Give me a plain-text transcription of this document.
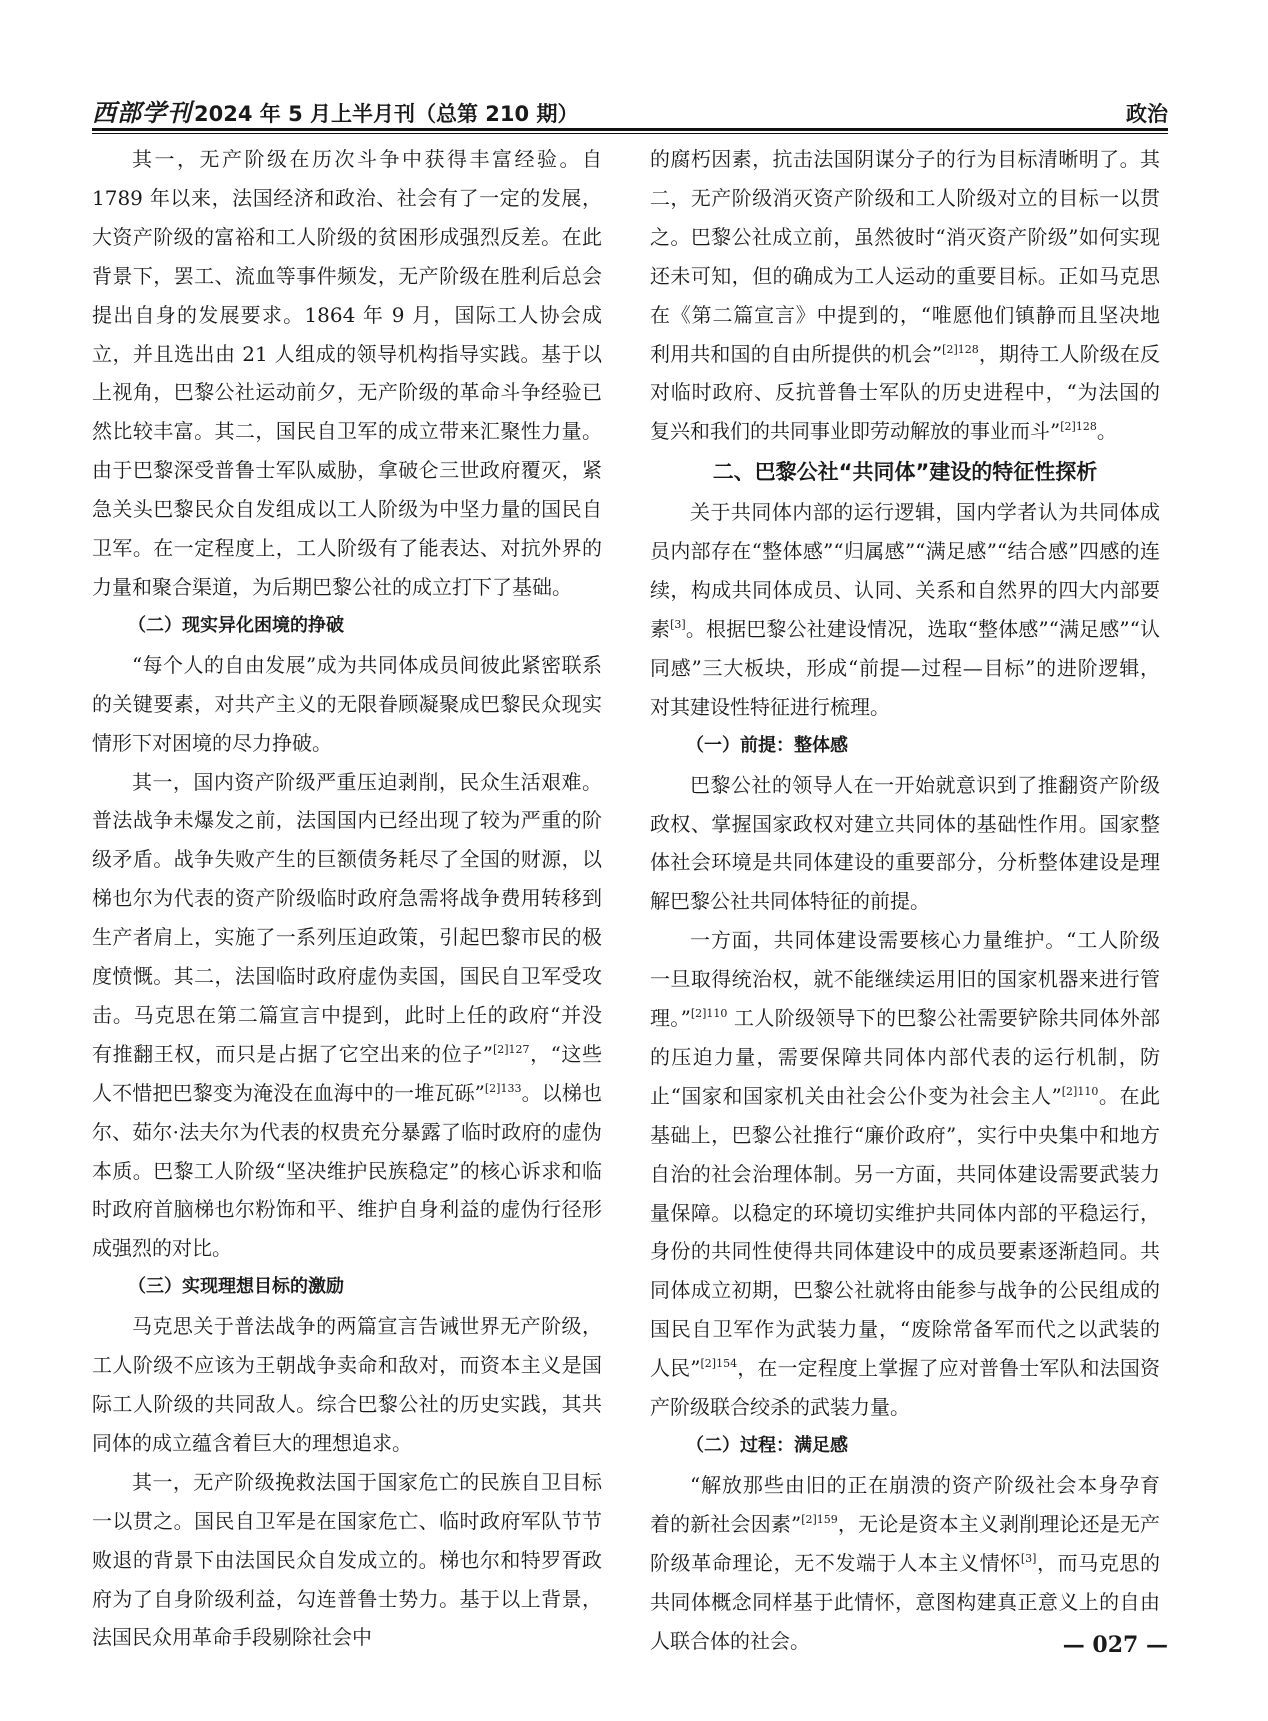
西部学刊 2024 年 5 月上半月刊（总第 210 期）	政治

其一，无产阶级在历次斗争中获得丰富经验。自 1789 年以来，法国经济和政治、社会有了一定的发展，大资产阶级的富裕和工人阶级的贫困形成强烈反差。在此背景下，罢工、流血等事件频发，无产阶级在胜利后总会提出自身的发展要求。1864 年 9 月，国际工人协会成立，并且选出由 21 人组成的领导机构指导实践。基于以上视角，巴黎公社运动前夕，无产阶级的革命斗争经验已然比较丰富。其二，国民自卫军的成立带来汇聚性力量。由于巴黎深受普鲁士军队威胁，拿破仑三世政府覆灭，紧急关头巴黎民众自发组成以工人阶级为中坚力量的国民自卫军。在一定程度上，工人阶级有了能表达、对抗外界的力量和聚合渠道，为后期巴黎公社的成立打下了基础。

（二）现实异化困境的挣破

“每个人的自由发展”成为共同体成员间彼此紧密联系的关键要素，对共产主义的无限眷顾凝聚成巴黎民众现实情形下对困境的尽力挣破。

其一，国内资产阶级严重压迫剥削，民众生活艰难。普法战争未爆发之前，法国国内已经出现了较为严重的阶级矛盾。战争失败产生的巨额债务耗尽了全国的财源，以梯也尔为代表的资产阶级临时政府急需将战争费用转移到生产者肩上，实施了一系列压迫政策，引起巴黎市民的极度愤慨。其二，法国临时政府虚伪卖国，国民自卫军受攻击。马克思在第二篇宣言中提到，此时上任的政府“并没有推翻王权，而只是占据了它空出来的位子”$^{[2]127}$，“这些人不惜把巴黎变为淹没在血海中的一堆瓦砾”$^{[2]133}$。以梯也尔、茹尔·法夫尔为代表的权贵充分暴露了临时政府的虚伪本质。巴黎工人阶级“坚决维护民族稳定”的核心诉求和临时政府首脑梯也尔粉饰和平、维护自身利益的虚伪行径形成强烈的对比。

（三）实现理想目标的激励

马克思关于普法战争的两篇宣言告诫世界无产阶级，工人阶级不应该为王朝战争卖命和敌对，而资本主义是国际工人阶级的共同敌人。综合巴黎公社的历史实践，其共同体的成立蕴含着巨大的理想追求。

其一，无产阶级挽救法国于国家危亡的民族自卫目标一以贯之。国民自卫军是在国家危亡、临时政府军队节节败退的背景下由法国民众自发成立的。梯也尔和特罗胥政府为了自身阶级利益，勾连普鲁士势力。基于以上背景，法国民众用革命手段剔除社会中

的腐朽因素，抗击法国阴谋分子的行为目标清晰明了。其二，无产阶级消灭资产阶级和工人阶级对立的目标一以贯之。巴黎公社成立前，虽然彼时“消灭资产阶级”如何实现还未可知，但的确成为工人运动的重要目标。正如马克思在《第二篇宣言》中提到的，“唯愿他们镇静而且坚决地利用共和国的自由所提供的机会”$^{[2]128}$，期待工人阶级在反对临时政府、反抗普鲁士军队的历史进程中，“为法国的复兴和我们的共同事业即劳动解放的事业而斗”$^{[2]128}$。

二、巴黎公社“共同体”建设的特征性探析

关于共同体内部的运行逻辑，国内学者认为共同体成员内部存在“整体感”“归属感”“满足感”“结合感”四感的连续，构成共同体成员、认同、关系和自然界的四大内部要素[3]。根据巴黎公社建设情况，选取“整体感”“满足感”“认同感”三大板块，形成“前提—过程—目标”的进阶逻辑，对其建设性特征进行梳理。

（一）前提：整体感

巴黎公社的领导人在一开始就意识到了推翻资产阶级政权、掌握国家政权对建立共同体的基础性作用。国家整体社会环境是共同体建设的重要部分，分析整体建设是理解巴黎公社共同体特征的前提。

一方面，共同体建设需要核心力量维护。“工人阶级一旦取得统治权，就不能继续运用旧的国家机器来进行管理。”$^{[2]110}$ 工人阶级领导下的巴黎公社需要铲除共同体外部的压迫力量，需要保障共同体内部代表的运行机制，防止“国家和国家机关由社会公仆变为社会主人”$^{[2]110}$。在此基础上，巴黎公社推行“廉价政府”，实行中央集中和地方自治的社会治理体制。另一方面，共同体建设需要武装力量保障。以稳定的环境切实维护共同体内部的平稳运行，身份的共同性使得共同体建设中的成员要素逐渐趋同。共同体成立初期，巴黎公社就将由能参与战争的公民组成的国民自卫军作为武装力量，“废除常备军而代之以武装的人民”$^{[2]154}$，在一定程度上掌握了应对普鲁士军队和法国资产阶级联合绞杀的武装力量。

（二）过程：满足感

“解放那些由旧的正在崩溃的资产阶级社会本身孕育着的新社会因素”$^{[2]159}$，无论是资本主义剥削理论还是无产阶级革命理论，无不发端于人本主义情怀[3]，而马克思的共同体概念同样基于此情怀，意图构建真正意义上的自由人联合体的社会。	— 027 —
